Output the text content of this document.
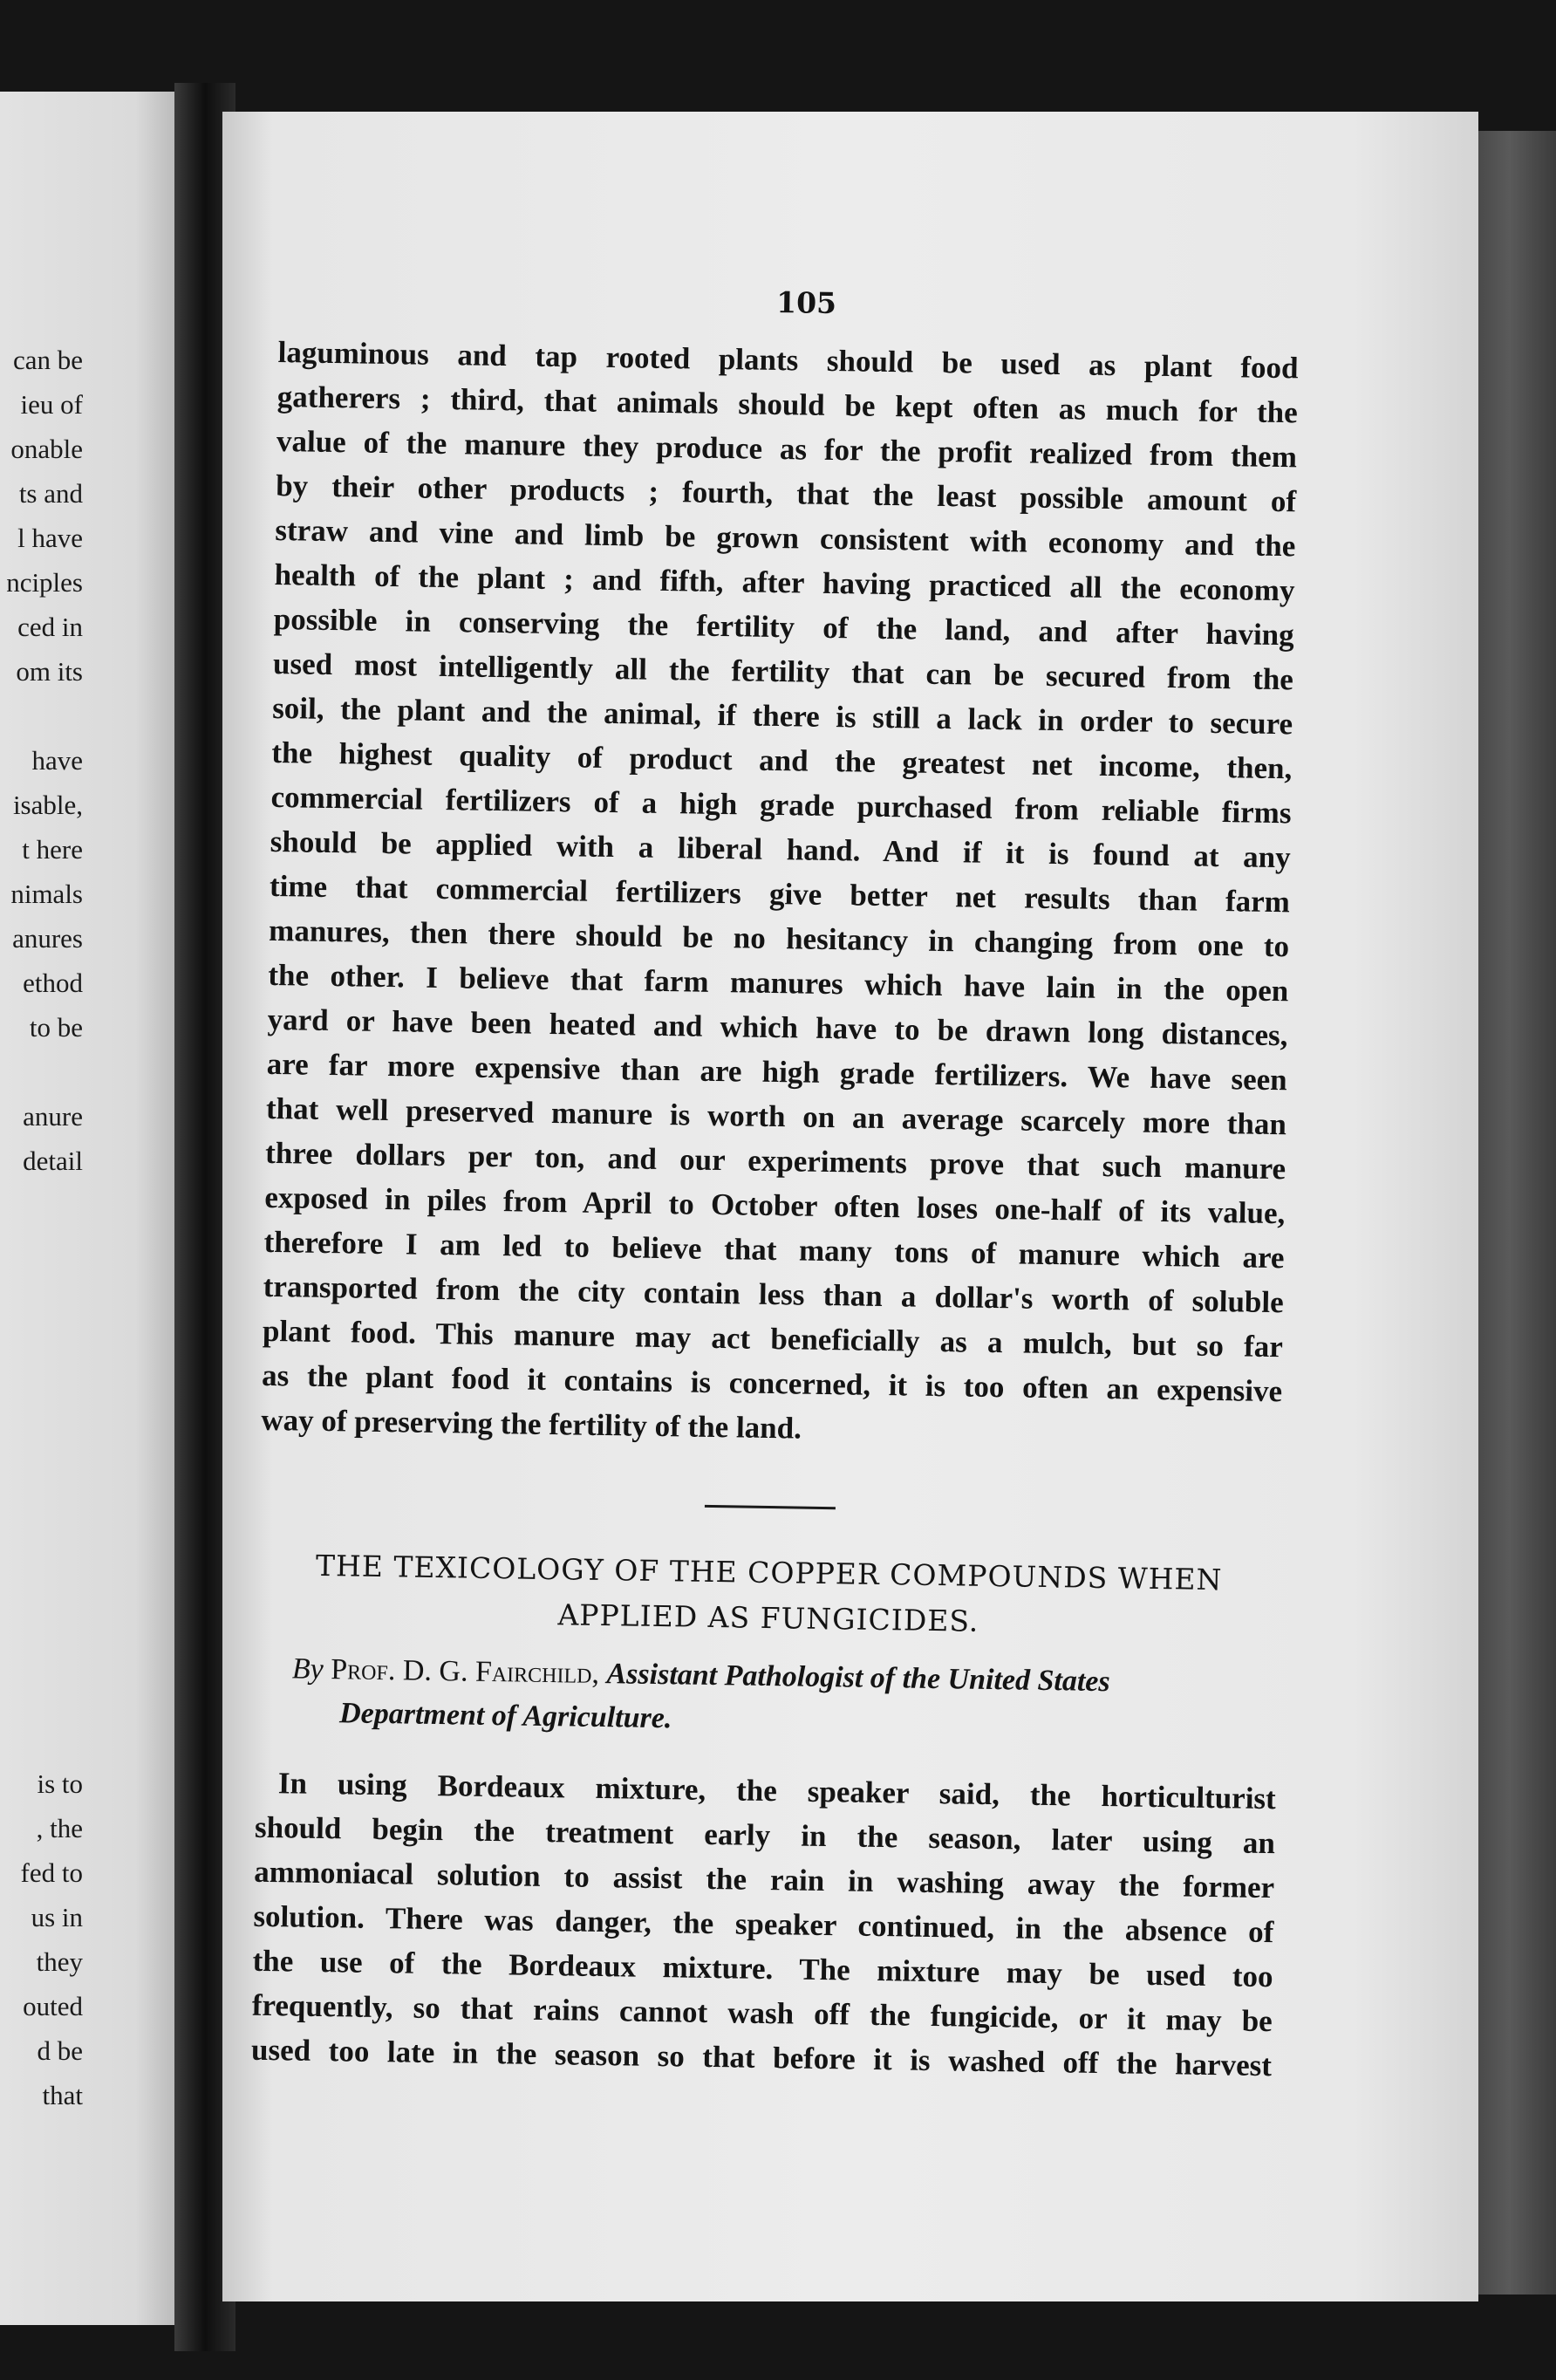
can be
ieu of
onable
ts and
l have
nciples
ced in
om its
have
isable,
t here
nimals
anures
ethod
to be
anure
detail
is to
, the
fed to
us in
they
outed
d be
that
105
laguminous and tap rooted plants should be used as plant food
gatherers ; third, that animals should be kept often as much for the
value of the manure they produce as for the profit realized from them
by their other products ; fourth, that the least possible amount of
straw and vine and limb be grown consistent with economy and the
health of the plant ; and fifth, after having practiced all the economy
possible in conserving the fertility of the land, and after having
used most intelligently all the fertility that can be secured from the
soil, the plant and the animal, if there is still a lack in order to secure
the highest quality of product and the greatest net income, then,
commercial fertilizers of a high grade purchased from reliable firms
should be applied with a liberal hand. And if it is found at any
time that commercial fertilizers give better net results than farm
manures, then there should be no hesitancy in changing from one to
the other. I believe that farm manures which have lain in the open
yard or have been heated and which have to be drawn long distances,
are far more expensive than are high grade fertilizers. We have seen
that well preserved manure is worth on an average scarcely more than
three dollars per ton, and our experiments prove that such manure
exposed in piles from April to October often loses one-half of its value,
therefore I am led to believe that many tons of manure which are
transported from the city contain less than a dollar's worth of soluble
plant food. This manure may act beneficially as a mulch, but so far
as the plant food it contains is concerned, it is too often an expensive
way of preserving the fertility of the land.
THE TEXICOLOGY OF THE COPPER COMPOUNDS WHEN
APPLIED AS FUNGICIDES.
By Prof. D. G. Fairchild, Assistant Pathologist of the United States
Department of Agriculture.
In using Bordeaux mixture, the speaker said, the horticulturist
should begin the treatment early in the season, later using an
ammoniacal solution to assist the rain in washing away the former
solution. There was danger, the speaker continued, in the absence of
the use of the Bordeaux mixture. The mixture may be used too
frequently, so that rains cannot wash off the fungicide, or it may be
used too late in the season so that before it is washed off the harvest
